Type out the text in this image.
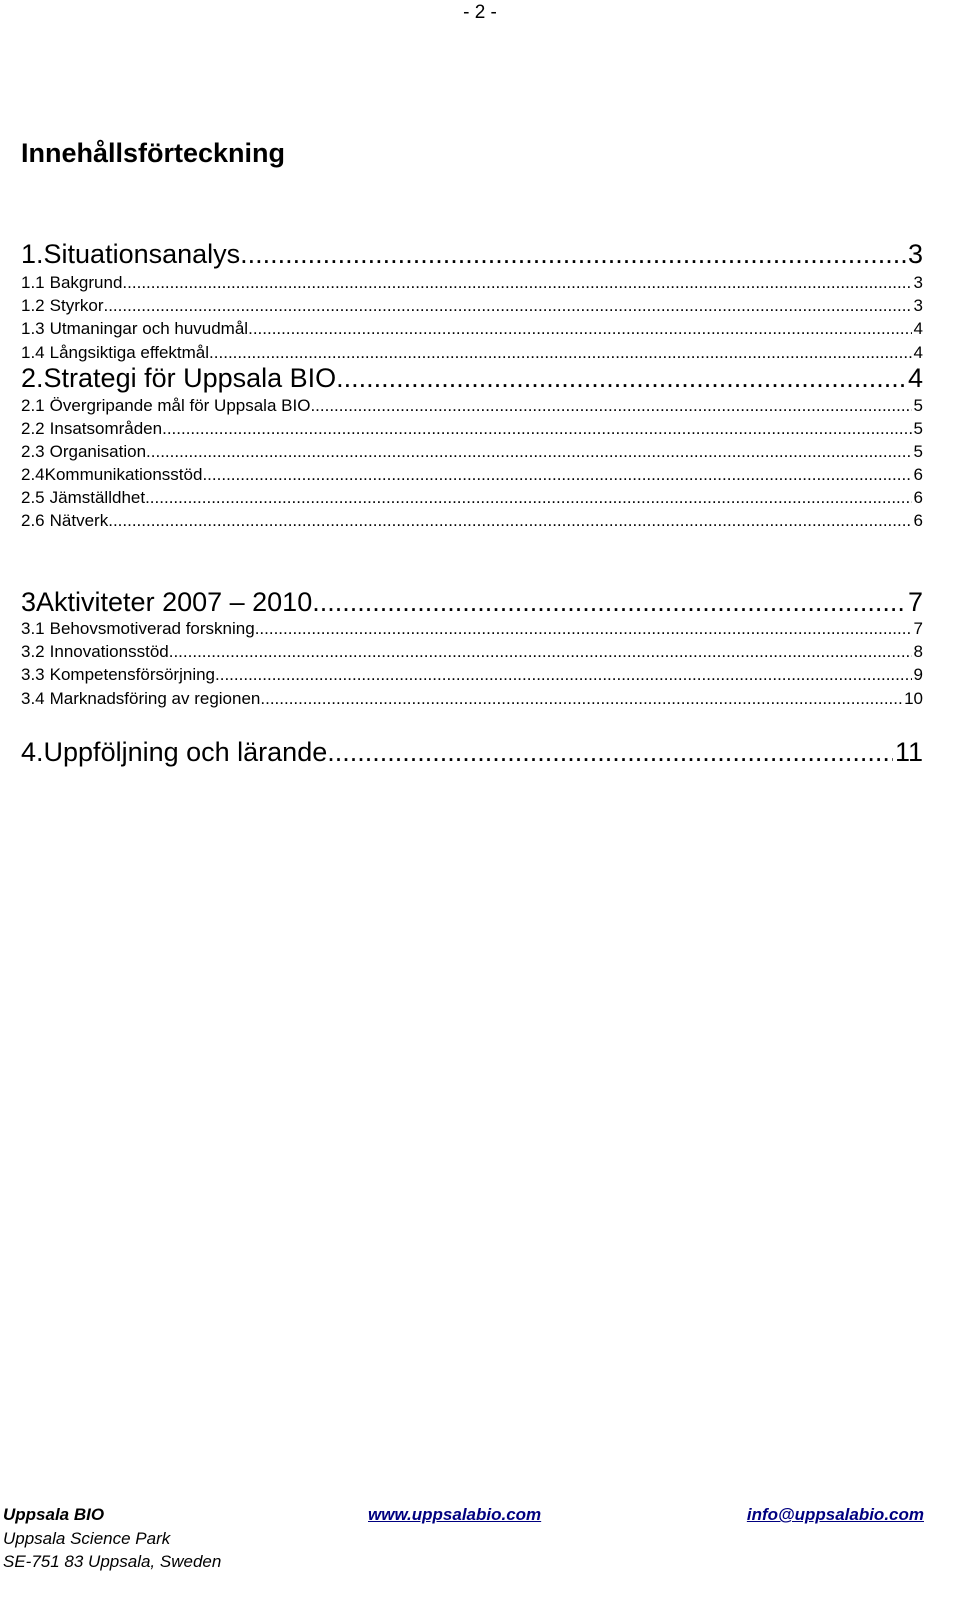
- 2 -
Innehållsförteckning
1. Situationsanalys .....	3
1.1 Bakgrund .....	3
1.2 Styrkor .....	3
1.3 Utmaningar och huvudmål .....	4
1.4 Långsiktiga effektmål .....	4
2. Strategi för Uppsala BIO .....	4
2.1 Övergripande mål för Uppsala BIO .....	5
2.2 Insatsområden .....	5
2.3 Organisation .....	5
2.4 Kommunikationsstöd .....	6
2.5 Jämställdhet .....	6
2.6 Nätverk .....	6
3 Aktiviteter 2007 – 2010 .....	7
3.1 Behovsmotiverad forskning .....	7
3.2 Innovationsstöd .....	8
3.3 Kompetensförsörjning .....	9
3.4 Marknadsföring av regionen .....	10
4. Uppföljning och lärande .....	11
Uppsala BIO
Uppsala Science Park
SE-751 83 Uppsala, Sweden
www.uppsalabio.com	info@uppsalabio.com
